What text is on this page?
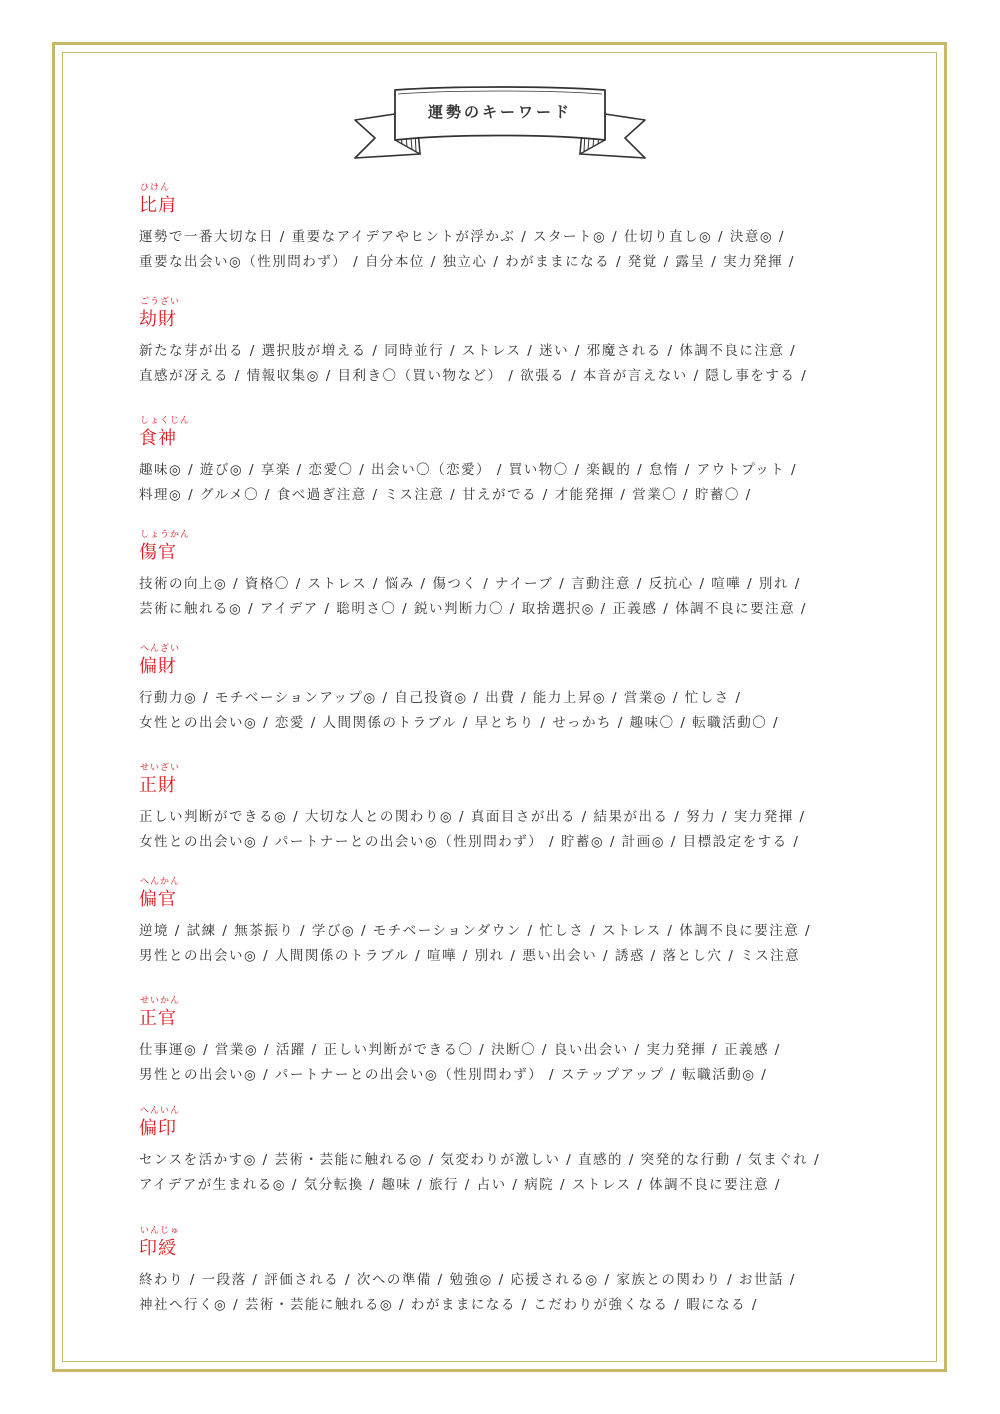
運勢のキーワード
ひけん
比肩
運勢で一番大切な日 / 重要なアイデアやヒントが浮かぶ / スタート◎ / 仕切り直し◎ / 決意◎ /
重要な出会い◎（性別問わず） / 自分本位 / 独立心 / わがままになる / 発覚 / 露呈 / 実力発揮 /
ごうざい
劫財
新たな芽が出る / 選択肢が増える / 同時並行 / ストレス / 迷い / 邪魔される / 体調不良に注意 /
直感が冴える / 情報収集◎ / 目利き〇（買い物など） / 欲張る / 本音が言えない / 隠し事をする /
しょくじん
食神
趣味◎ / 遊び◎ / 享楽 / 恋愛〇 / 出会い〇（恋愛） / 買い物〇 / 楽観的 / 怠惰 / アウトプット /
料理◎ / グルメ〇 / 食べ過ぎ注意 / ミス注意 / 甘えがでる / 才能発揮 / 営業〇 / 貯蓄〇 /
しょうかん
傷官
技術の向上◎ / 資格〇 / ストレス / 悩み / 傷つく / ナイーブ / 言動注意 / 反抗心 / 喧嘩 / 別れ /
芸術に触れる◎ / アイデア / 聡明さ〇 / 鋭い判断力〇 / 取捨選択◎ / 正義感 / 体調不良に要注意 /
へんざい
偏財
行動力◎ / モチベーションアップ◎ / 自己投資◎ / 出費 / 能力上昇◎ / 営業◎ / 忙しさ /
女性との出会い◎ / 恋愛 / 人間関係のトラブル / 早とちり / せっかち / 趣味〇 / 転職活動〇 /
せいざい
正財
正しい判断ができる◎ / 大切な人との関わり◎ / 真面目さが出る / 結果が出る / 努力 / 実力発揮 /
女性との出会い◎ / パートナーとの出会い◎（性別問わず） / 貯蓄◎ / 計画◎ / 目標設定をする /
へんかん
偏官
逆境 / 試練 / 無茶振り / 学び◎ / モチベーションダウン / 忙しさ / ストレス / 体調不良に要注意 /
男性との出会い◎ / 人間関係のトラブル / 喧嘩 / 別れ / 悪い出会い / 誘惑 / 落とし穴 / ミス注意
せいかん
正官
仕事運◎ / 営業◎ / 活躍 / 正しい判断ができる〇 / 決断〇 / 良い出会い / 実力発揮 / 正義感 /
男性との出会い◎ / パートナーとの出会い◎（性別問わず） / ステップアップ / 転職活動◎ /
へんいん
偏印
センスを活かす◎ / 芸術・芸能に触れる◎ / 気変わりが激しい / 直感的 / 突発的な行動 / 気まぐれ /
アイデアが生まれる◎ / 気分転換 / 趣味 / 旅行 / 占い / 病院 / ストレス / 体調不良に要注意 /
いんじゅ
印綬
終わり / 一段落 / 評価される / 次への準備 / 勉強◎ / 応援される◎ / 家族との関わり / お世話 /
神社へ行く◎ / 芸術・芸能に触れる◎ / わがままになる / こだわりが強くなる / 暇になる /
